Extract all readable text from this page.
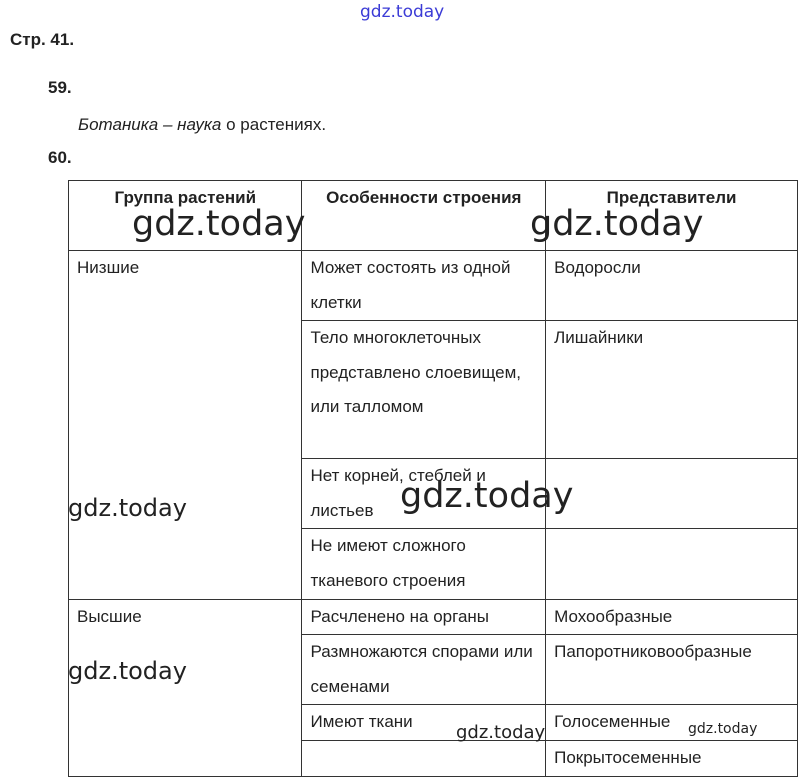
gdz.today
Стр. 41.
59.
Ботаника – наука о растениях.
60.
Группа растений	Особенности строения	Представители
Низшие	Может состоять из одной клетки	Водоросли
	Тело многоклеточных представлено слоевищем, или талломом	Лишайники
	Нет корней, стеблей и листьев	
	Не имеют сложного тканевого строения	
Высшие	Расчленено на органы	Мохообразные
	Размножаются спорами или семенами	Папоротниковообразные
	Имеют ткани	Голосеменные
		Покрытосеменные
gdz.today	gdz.today
gdz.today
gdz.today
gdz.today
gdz.today	gdz.today
